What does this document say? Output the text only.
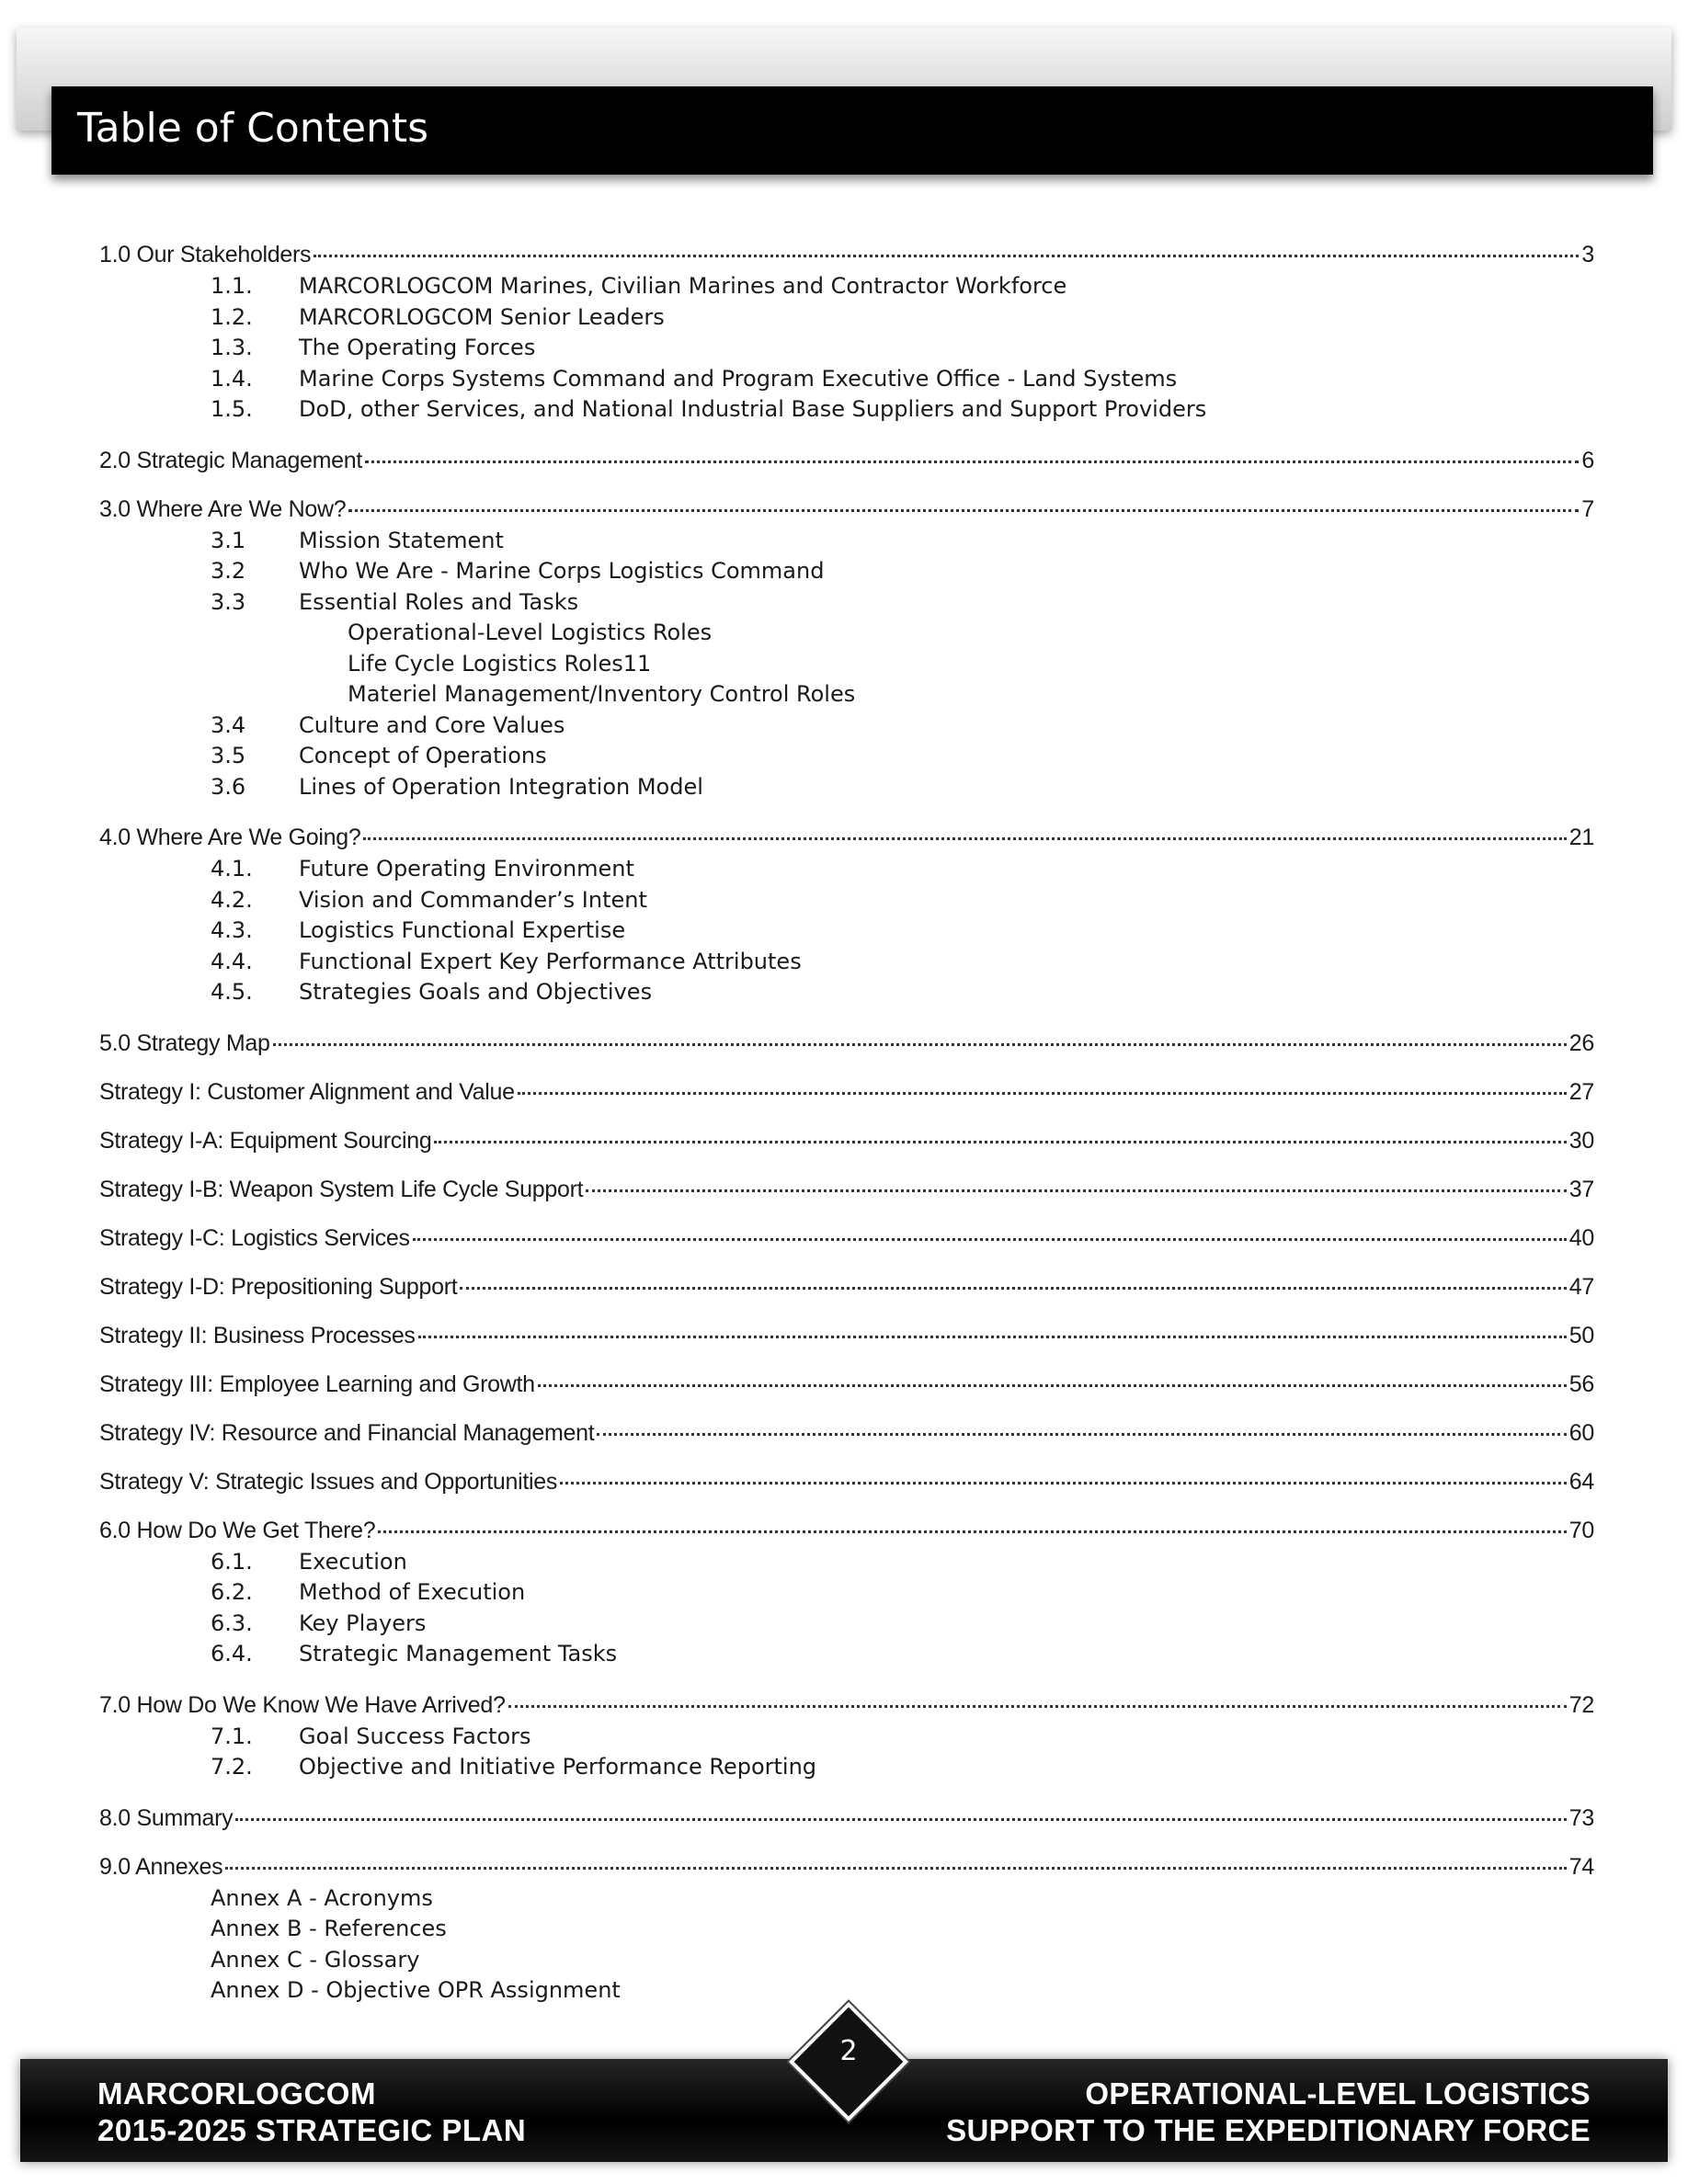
Table of Contents
1.0 Our Stakeholders	3
1.1.	MARCORLOGCOM Marines, Civilian Marines and Contractor Workforce
1.2.	MARCORLOGCOM Senior Leaders
1.3.	The Operating Forces
1.4.	Marine Corps Systems Command and Program Executive Office - Land Systems
1.5.	DoD, other Services, and National Industrial Base Suppliers and Support Providers
2.0 Strategic Management	6
3.0 Where Are We Now?	7
3.1	Mission Statement
3.2	Who We Are - Marine Corps Logistics Command
3.3	Essential Roles and Tasks
Operational-Level Logistics Roles
Life Cycle Logistics Roles11
Materiel Management/Inventory Control Roles
3.4	Culture and Core Values
3.5	Concept of Operations
3.6	Lines of Operation Integration Model
4.0 Where Are We Going?	21
4.1.	Future Operating Environment
4.2.	Vision and Commander’s Intent
4.3.	Logistics Functional Expertise
4.4.	Functional Expert Key Performance Attributes
4.5.	Strategies Goals and Objectives
5.0 Strategy Map	26
Strategy I: Customer Alignment and Value	27
Strategy I-A: Equipment Sourcing	30
Strategy I-B: Weapon System Life Cycle Support	37
Strategy I-C: Logistics Services	40
Strategy I-D: Prepositioning Support	47
Strategy II: Business Processes	50
Strategy III: Employee Learning and Growth	56
Strategy IV: Resource and Financial Management	60
Strategy V: Strategic Issues and Opportunities	64
6.0 How Do We Get There?	70
6.1.	Execution
6.2.	Method of Execution
6.3.	Key Players
6.4.	Strategic Management Tasks
7.0 How Do We Know We Have Arrived?	72
7.1.	Goal Success Factors
7.2.	Objective and Initiative Performance Reporting
8.0 Summary	73
9.0 Annexes	74
Annex A - Acronyms
Annex B - References
Annex C - Glossary
Annex D - Objective OPR Assignment
MARCORLOGCOM
2015-2025 STRATEGIC PLAN
OPERATIONAL-LEVEL LOGISTICS
SUPPORT TO THE EXPEDITIONARY FORCE
2
